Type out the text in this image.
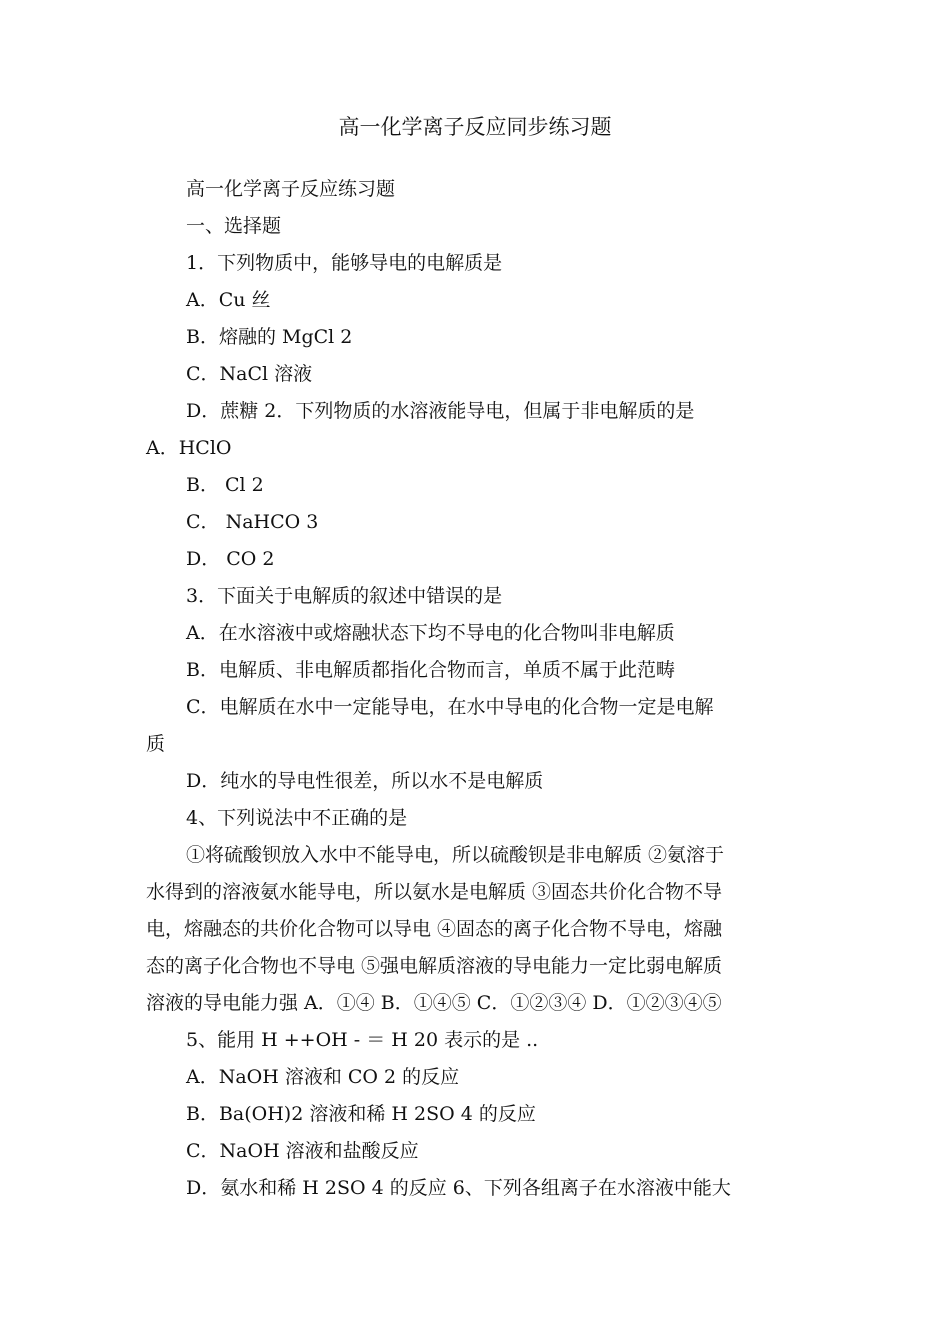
高一化学离子反应同步练习题
高一化学离子反应练习题
一、选择题
1．下列物质中，能够导电的电解质是
A．Cu 丝
B．熔融的 MgCl 2
C．NaCl 溶液
D．蔗糖 2．下列物质的水溶液能导电，但属于非电解质的是
A．HClO
B． Cl 2
C． NaHCO 3
D． CO 2
3．下面关于电解质的叙述中错误的是
A．在水溶液中或熔融状态下均不导电的化合物叫非电解质
B．电解质、非电解质都指化合物而言，单质不属于此范畴
C．电解质在水中一定能导电，在水中导电的化合物一定是电解
质
D．纯水的导电性很差，所以水不是电解质
4、下列说法中不正确的是
①将硫酸钡放入水中不能导电，所以硫酸钡是非电解质 ②氨溶于
水得到的溶液氨水能导电，所以氨水是电解质 ③固态共价化合物不导
电，熔融态的共价化合物可以导电 ④固态的离子化合物不导电，熔融
态的离子化合物也不导电 ⑤强电解质溶液的导电能力一定比弱电解质
溶液的导电能力强 A．①④ B．①④⑤ C．①②③④ D．①②③④⑤
5、能用 H ++OH - ＝ H 20 表示的是 ..
A．NaOH 溶液和 CO 2 的反应
B．Ba(OH)2 溶液和稀 H 2SO 4 的反应
C．NaOH 溶液和盐酸反应
D．氨水和稀 H 2SO 4 的反应 6、下列各组离子在水溶液中能大
